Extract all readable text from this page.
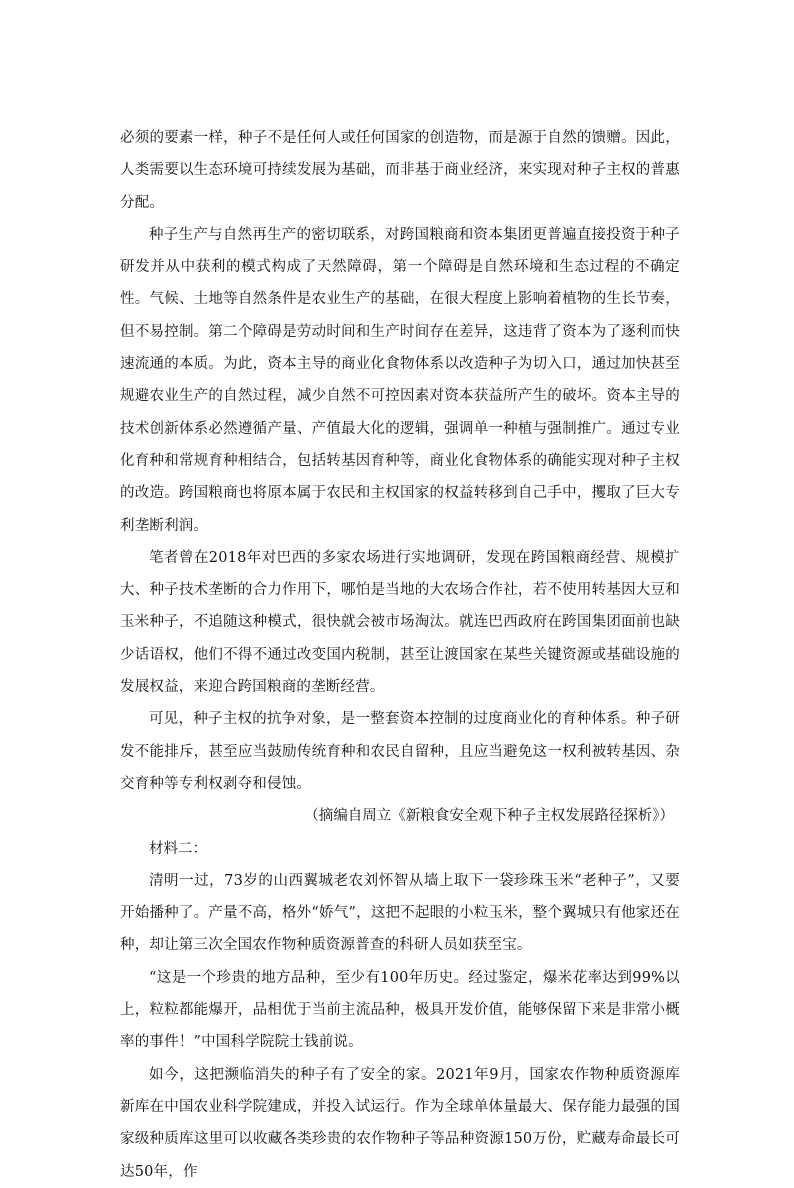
必须的要素一样，种子不是任何人或任何国家的创造物，而是源于自然的馈赠。因此，人类需要以生态环境可持续发展为基础，而非基于商业经济，来实现对种子主权的普惠分配。

种子生产与自然再生产的密切联系，对跨国粮商和资本集团更普遍直接投资于种子研发并从中获利的模式构成了天然障碍，第一个障碍是自然环境和生态过程的不确定性。气候、土地等自然条件是农业生产的基础，在很大程度上影响着植物的生长节奏，但不易控制。第二个障碍是劳动时间和生产时间存在差异，这违背了资本为了逐利而快速流通的本质。为此，资本主导的商业化食物体系以改造种子为切入口，通过加快甚至规避农业生产的自然过程，减少自然不可控因素对资本获益所产生的破坏。资本主导的技术创新体系必然遵循产量、产值最大化的逻辑，强调单一种植与强制推广。通过专业化育种和常规育种相结合，包括转基因育种等，商业化食物体系的确能实现对种子主权的改造。跨国粮商也将原本属于农民和主权国家的权益转移到自己手中，攫取了巨大专利垄断利润。

笔者曾在2018年对巴西的多家农场进行实地调研，发现在跨国粮商经营、规模扩大、种子技术垄断的合力作用下，哪怕是当地的大农场合作社，若不使用转基因大豆和玉米种子，不追随这种模式，很快就会被市场淘汰。就连巴西政府在跨国集团面前也缺少话语权，他们不得不通过改变国内税制，甚至让渡国家在某些关键资源或基础设施的发展权益，来迎合跨国粮商的垄断经营。

可见，种子主权的抗争对象，是一整套资本控制的过度商业化的育种体系。种子研发不能排斥，甚至应当鼓励传统育种和农民自留种，且应当避免这一权利被转基因、杂交育种等专利权剥夺和侵蚀。

（摘编自周立《新粮食安全观下种子主权发展路径探析》）

材料二：

清明一过，73岁的山西翼城老农刘怀智从墙上取下一袋珍珠玉米“老种子”，又要开始播种了。产量不高，格外“娇气”，这把不起眼的小粒玉米，整个翼城只有他家还在种，却让第三次全国农作物种质资源普查的科研人员如获至宝。

“这是一个珍贵的地方品种，至少有100年历史。经过鉴定，爆米花率达到99%以上，粒粒都能爆开，品相优于当前主流品种，极具开发价值，能够保留下来是非常小概率的事件！”中国科学院院士钱前说。

如今，这把濒临消失的种子有了安全的家。2021年9月，国家农作物种质资源库新库在中国农业科学院建成，并投入试运行。作为全球单体量最大、保存能力最强的国家级种质库这里可以收藏各类珍贵的农作物种子等品种资源150万份，贮藏寿命最长可达50年，作
